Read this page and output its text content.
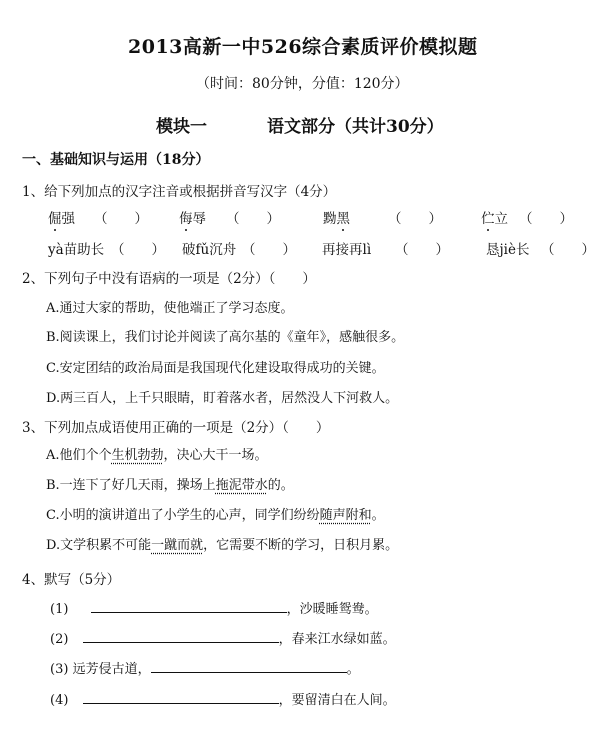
2013高新一中526综合素质评价模拟题
（时间：80分钟，分值：120分）
模块一	语文部分（共计30分）
一、基础知识与运用（18分）
1、给下列加点的汉字注音或根据拼音写汉字（4分）
倔强 （　　） 侮辱 （　　）	黝黑	（　　）	伫立 （　　）
yà苗助长 （　　） 破fǔ沉舟 （　　） 再接再lì （　　）	恳jiè长 （　　）
2、下列句子中没有语病的一项是（2分）（　　）
A.通过大家的帮助，使他端正了学习态度。
B.阅读课上，我们讨论并阅读了高尔基的《童年》，感触很多。
C.安定团结的政治局面是我国现代化建设取得成功的关键。
D.两三百人，上千只眼睛，盯着落水者，居然没人下河救人。
3、下列加点成语使用正确的一项是（2分）（　　）
A.他们个个生机勃勃，决心大干一场。
B.一连下了好几天雨，操场上拖泥带水的。
C.小明的演讲道出了小学生的心声，同学们纷纷随声附和。
D.文学积累不可能一蹴而就，它需要不断的学习，日积月累。
4、默写（5分）
(1)	，沙暖睡鸳鸯。
(2)	，春来江水绿如蓝。
(3) 远芳侵古道，	。
(4)	，要留清白在人间。
